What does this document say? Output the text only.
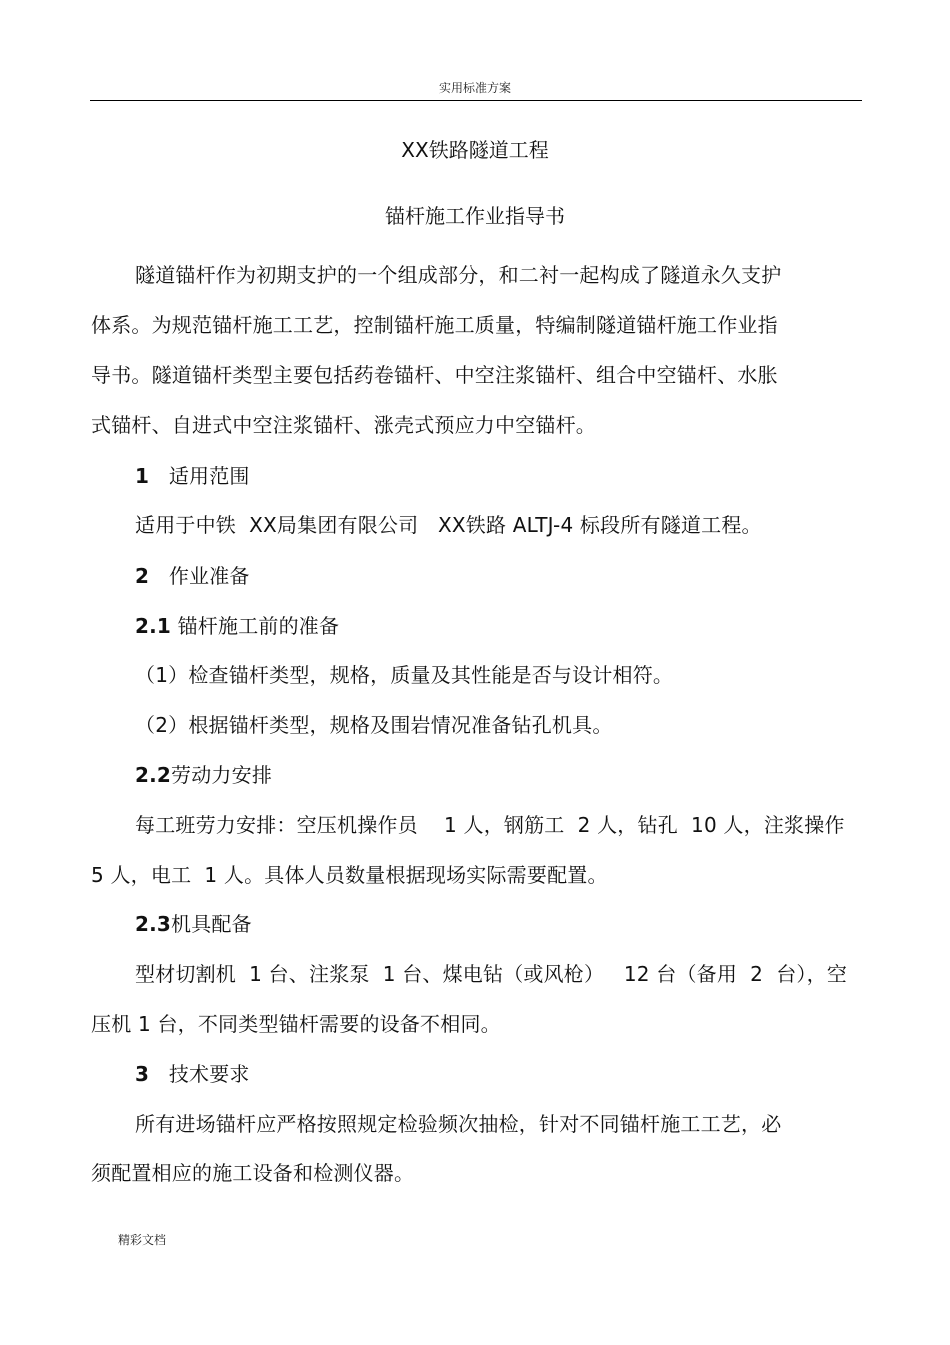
实用标准方案
XX铁路隧道工程
锚杆施工作业指导书
隧道锚杆作为初期支护的一个组成部分，和二衬一起构成了隧道永久支护
体系。为规范锚杆施工工艺，控制锚杆施工质量，特编制隧道锚杆施工作业指
导书。隧道锚杆类型主要包括药卷锚杆、中空注浆锚杆、组合中空锚杆、水胀
式锚杆、自进式中空注浆锚杆、涨壳式预应力中空锚杆。
1 适用范围
适用于中铁  XX局集团有限公司   XX铁路 ALTJ-4 标段所有隧道工程。
2 作业准备
2.1 锚杆施工前的准备
（1）检查锚杆类型，规格，质量及其性能是否与设计相符。
（2）根据锚杆类型，规格及围岩情况准备钻孔机具。
2.2劳动力安排
每工班劳力安排：空压机操作员    1 人，钢筋工  2 人，钻孔  10 人，注浆操作
5 人，电工  1 人。具体人员数量根据现场实际需要配置。
2.3机具配备
型材切割机  1 台、注浆泵  1 台、煤电钻（或风枪）   12 台（备用  2  台），空
压机 1 台，不同类型锚杆需要的设备不相同。
3 技术要求
所有进场锚杆应严格按照规定检验频次抽检，针对不同锚杆施工工艺，必
须配置相应的施工设备和检测仪器。
精彩文档
